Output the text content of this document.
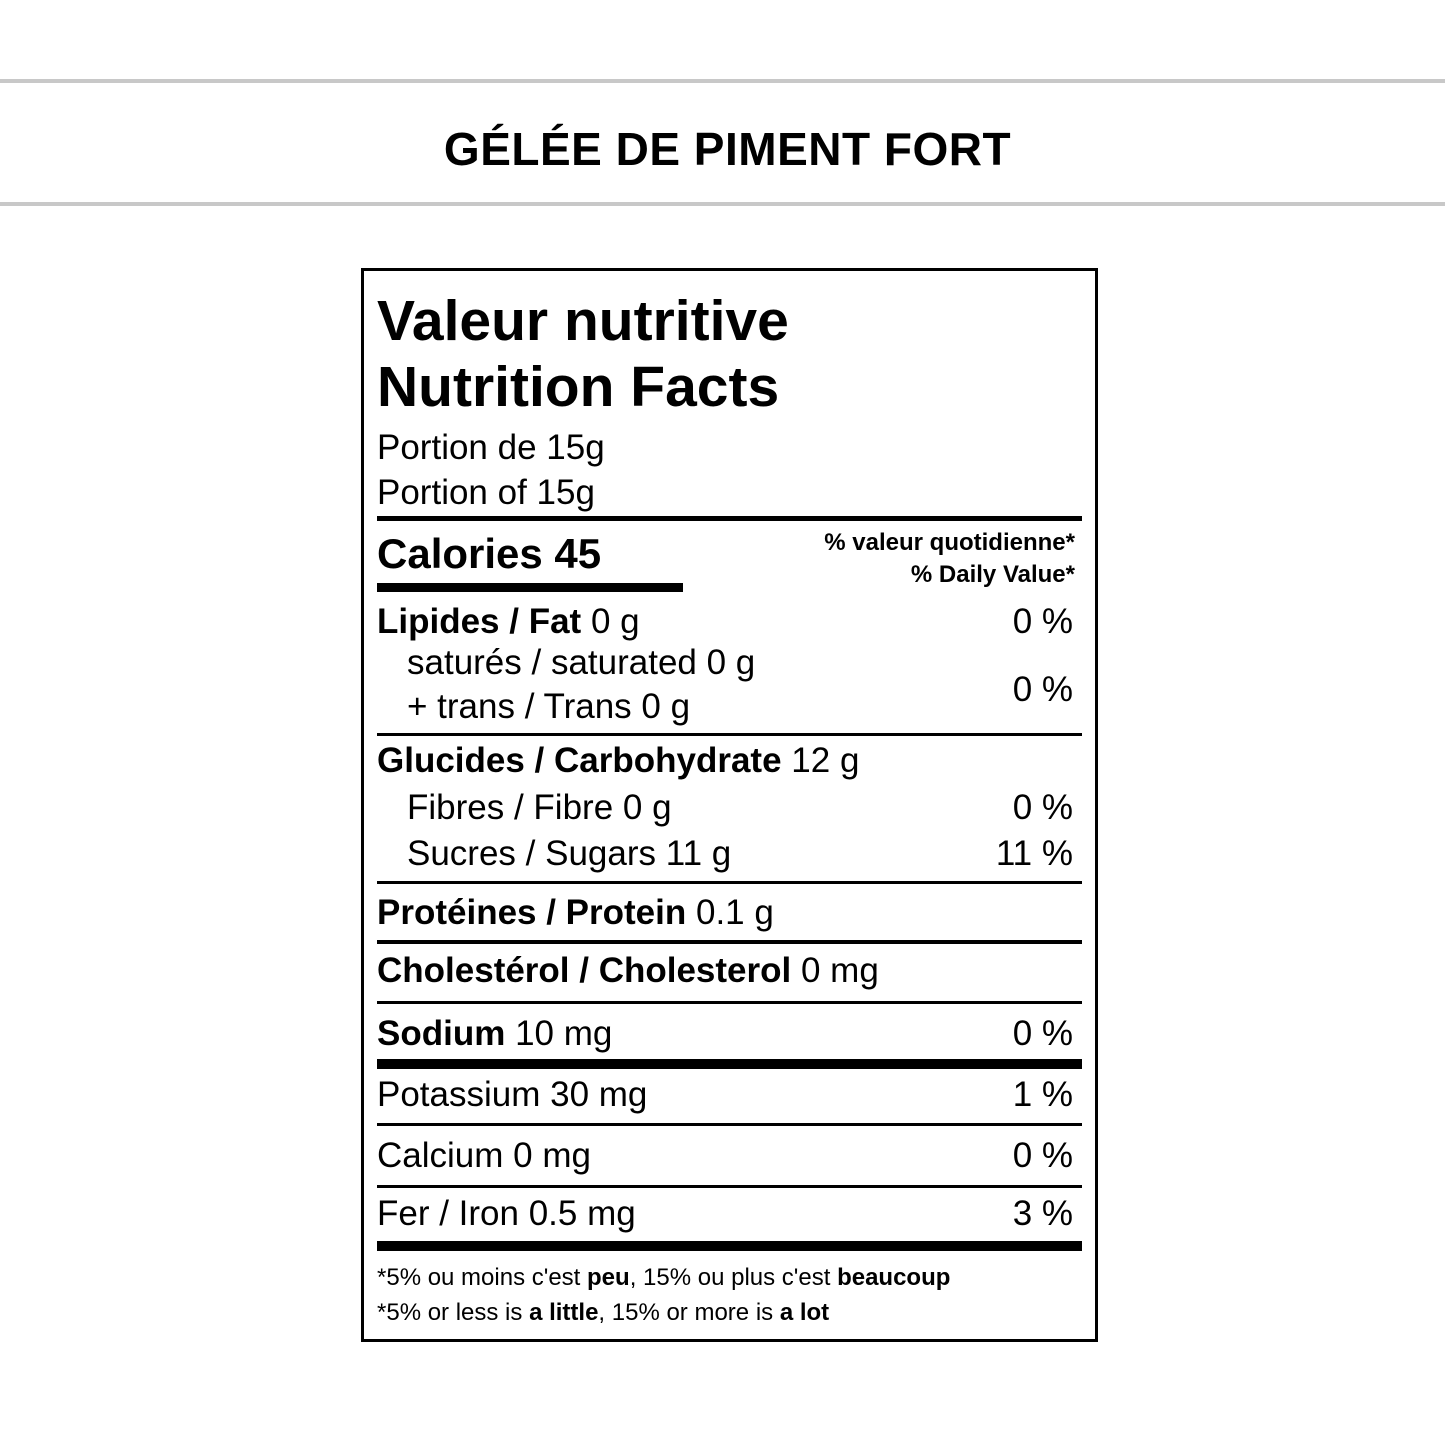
GÉLÉE DE PIMENT FORT
Valeur nutritive
Nutrition Facts
Portion de 15g
Portion of 15g
Calories 45	% valeur quotidienne*
% Daily Value*
Lipides / Fat 0 g	0 %
saturés / saturated 0 g
+ trans / Trans 0 g	0 %
Glucides / Carbohydrate 12 g
Fibres / Fibre 0 g	0 %
Sucres / Sugars 11 g	11 %
Protéines / Protein 0.1 g
Cholestérol / Cholesterol 0 mg
Sodium 10 mg	0 %
Potassium 30 mg	1 %
Calcium 0 mg	0 %
Fer / Iron 0.5 mg	3 %
*5% ou moins c'est peu, 15% ou plus c'est beaucoup
*5% or less is a little, 15% or more is a lot
